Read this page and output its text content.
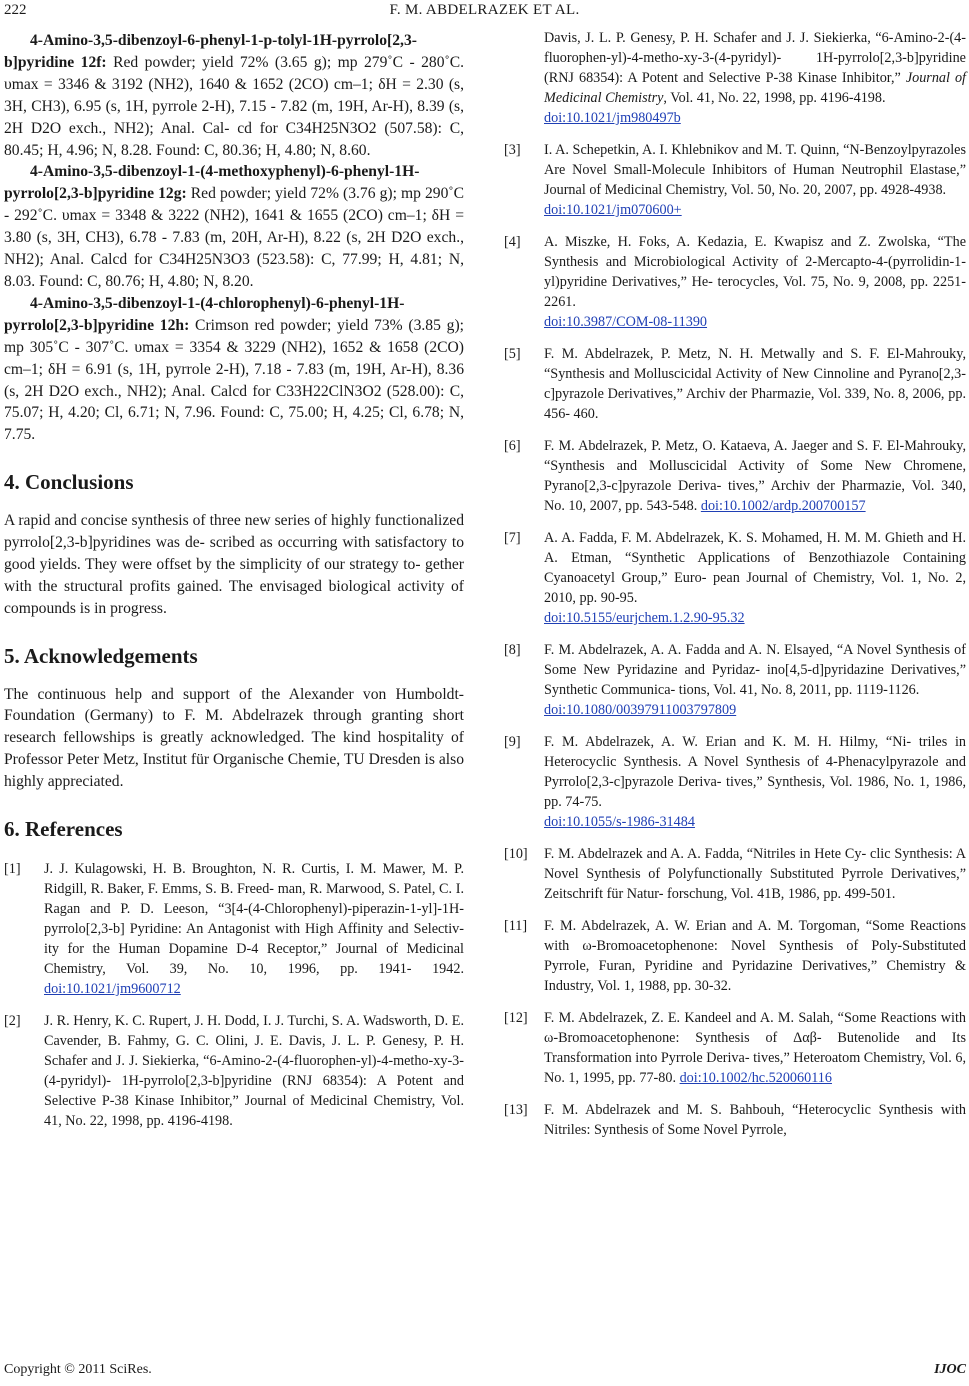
222	F. M. ABDELRAZEK ET AL.

4-Amino-3,5-dibenzoyl-6-phenyl-1-p-tolyl-1H-pyrrolo[2,3-b]pyridine 12f: Red powder; yield 72% (3.65 g); mp 279˚C - 280˚C. υmax = 3346 & 3192 (NH2), 1640 & 1652 (2CO) cm–1; δH = 2.30 (s, 3H, CH3), 6.95 (s, 1H, pyrrole 2-H), 7.15 - 7.82 (m, 19H, Ar-H), 8.39 (s, 2H D2O exch., NH2); Anal. Cal- cd for C34H25N3O2 (507.58): C, 80.45; H, 4.96; N, 8.28. Found: C, 80.36; H, 4.80; N, 8.60.

4-Amino-3,5-dibenzoyl-1-(4-methoxyphenyl)-6-phenyl-1H-pyrrolo[2,3-b]pyridine 12g: Red powder; yield 72% (3.76 g); mp 290˚C - 292˚C. υmax = 3348 & 3222 (NH2), 1641 & 1655 (2CO) cm–1; δH = 3.80 (s, 3H, CH3), 6.78 - 7.83 (m, 20H, Ar-H), 8.22 (s, 2H D2O exch., NH2); Anal. Calcd for C34H25N3O3 (523.58): C, 77.99; H, 4.81; N, 8.03. Found: C, 80.76; H, 4.80; N, 8.20.

4-Amino-3,5-dibenzoyl-1-(4-chlorophenyl)-6-phenyl-1H-pyrrolo[2,3-b]pyridine 12h: Crimson red powder; yield 73% (3.85 g); mp 305˚C - 307˚C. υmax = 3354 & 3229 (NH2), 1652 & 1658 (2CO) cm–1; δH = 6.91 (s, 1H, pyrrole 2-H), 7.18 - 7.83 (m, 19H, Ar-H), 8.36 (s, 2H D2O exch., NH2); Anal. Calcd for C33H22ClN3O2 (528.00): C, 75.07; H, 4.20; Cl, 6.71; N, 7.96. Found: C, 75.00; H, 4.25; Cl, 6.78; N, 7.75.

4. Conclusions

A rapid and concise synthesis of three new series of highly functionalized pyrrolo[2,3-b]pyridines was de- scribed as occurring with satisfactory to good yields. They were offset by the simplicity of our strategy to- gether with the structural profits gained. The envisaged biological activity of compounds is in progress.

5. Acknowledgements

The continuous help and support of the Alexander von Humboldt-Foundation (Germany) to F. M. Abdelrazek through granting short research fellowships is greatly acknowledged. The kind hospitality of Professor Peter Metz, Institut für Organische Chemie, TU Dresden is also highly appreciated.

6. References
[1]	J. J. Kulagowski, H. B. Broughton, N. R. Curtis, I. M. Mawer, M. P. Ridgill, R. Baker, F. Emms, S. B. Freed- man, R. Marwood, S. Patel, C. I. Ragan and P. D. Leeson, “3[4-(4-Chlorophenyl)-piperazin-1-yl]-1H-pyrrolo[2,3-b] Pyridine: An Antagonist with High Affinity and Selectiv- ity for the Human Dopamine D-4 Receptor,” Journal of Medicinal Chemistry, Vol. 39, No. 10, 1996, pp. 1941- 1942. doi:10.1021/jm9600712
[2]	J. R. Henry, K. C. Rupert, J. H. Dodd, I. J. Turchi, S. A. Wadsworth, D. E. Cavender, B. Fahmy, G. C. Olini, J. E. Davis, J. L. P. Genesy, P. H. Schafer and J. J. Siekierka, “6-Amino-2-(4-fluorophen-yl)-4-metho-xy-3-(4-pyridyl)- 1H-pyrrolo[2,3-b]pyridine (RNJ 68354): A Potent and Selective P-38 Kinase Inhibitor,” Journal of Medicinal Chemistry, Vol. 41, No. 22, 1998, pp. 4196-4198.
Davis, J. L. P. Genesy, P. H. Schafer and J. J. Siekierka, “6-Amino-2-(4-fluorophen-yl)-4-metho-xy-3-(4-pyridyl)- 1H-pyrrolo[2,3-b]pyridine (RNJ 68354): A Potent and Selective P-38 Kinase Inhibitor,” Journal of Medicinal Chemistry, Vol. 41, No. 22, 1998, pp. 4196-4198.
doi:10.1021/jm980497b
[3]	I. A. Schepetkin, A. I. Khlebnikov and M. T. Quinn, “N-Benzoylpyrazoles Are Novel Small-Molecule Inhibitors of Human Neutrophil Elastase,” Journal of Medicinal Chemistry, Vol. 50, No. 20, 2007, pp. 4928-4938.
doi:10.1021/jm070600+
[4]	A. Miszke, H. Foks, A. Kedazia, E. Kwapisz and Z. Zwolska, “The Synthesis and Microbiological Activity of 2-Mercapto-4-(pyrrolidin-1-yl)pyridine Derivatives,” He- terocycles, Vol. 75, No. 9, 2008, pp. 2251-2261.
doi:10.3987/COM-08-11390
[5]	F. M. Abdelrazek, P. Metz, N. H. Metwally and S. F. El-Mahrouky, “Synthesis and Molluscicidal Activity of New Cinnoline and Pyrano[2,3-c]pyrazole Derivatives,” Archiv der Pharmazie, Vol. 339, No. 8, 2006, pp. 456- 460.
[6]	F. M. Abdelrazek, P. Metz, O. Kataeva, A. Jaeger and S. F. El-Mahrouky, “Synthesis and Molluscicidal Activity of Some New Chromene, Pyrano[2,3-c]pyrazole Deriva- tives,” Archiv der Pharmazie, Vol. 340, No. 10, 2007, pp. 543-548. doi:10.1002/ardp.200700157
[7]	A. A. Fadda, F. M. Abdelrazek, K. S. Mohamed, H. M. M. Ghieth and H. A. Etman, “Synthetic Applications of Benzothiazole Containing Cyanoacetyl Group,” Euro- pean Journal of Chemistry, Vol. 1, No. 2, 2010, pp. 90-95.
doi:10.5155/eurjchem.1.2.90-95.32
[8]	F. M. Abdelrazek, A. A. Fadda and A. N. Elsayed, “A Novel Synthesis of Some New Pyridazine and Pyridaz- ino[4,5-d]pyridazine Derivatives,” Synthetic Communica- tions, Vol. 41, No. 8, 2011, pp. 1119-1126.
doi:10.1080/00397911003797809
[9]	F. M. Abdelrazek, A. W. Erian and K. M. H. Hilmy, “Ni- triles in Heterocyclic Synthesis. A Novel Synthesis of 4-Phenacylpyrazole and Pyrrolo[2,3-c]pyrazole Deriva- tives,” Synthesis, Vol. 1986, No. 1, 1986, pp. 74-75.
doi:10.1055/s-1986-31484
[10]	F. M. Abdelrazek and A. A. Fadda, “Nitriles in Hete Cy- clic Synthesis: A Novel Synthesis of Polyfunctionally Substituted Pyrrole Derivatives,” Zeitschrift für Natur- forschung, Vol. 41B, 1986, pp. 499-501.
[11]	F. M. Abdelrazek, A. W. Erian and A. M. Torgoman, “Some Reactions with ω-Bromoacetophenone: Novel Synthesis of Poly-Substituted Pyrrole, Furan, Pyridine and Pyridazine Derivatives,” Chemistry & Industry, Vol. 1, 1988, pp. 30-32.
[12]	F. M. Abdelrazek, Z. E. Kandeel and A. M. Salah, “Some Reactions with ω-Bromoacetophenone: Synthesis of Δαβ- Butenolide and Its Transformation into Pyrrole Deriva- tives,” Heteroatom Chemistry, Vol. 6, No. 1, 1995, pp. 77-80. doi:10.1002/hc.520060116
[13]	F. M. Abdelrazek and M. S. Bahbouh, “Heterocyclic Synthesis with Nitriles: Synthesis of Some Novel Pyrrole,
Copyright © 2011 SciRes.	IJOC
